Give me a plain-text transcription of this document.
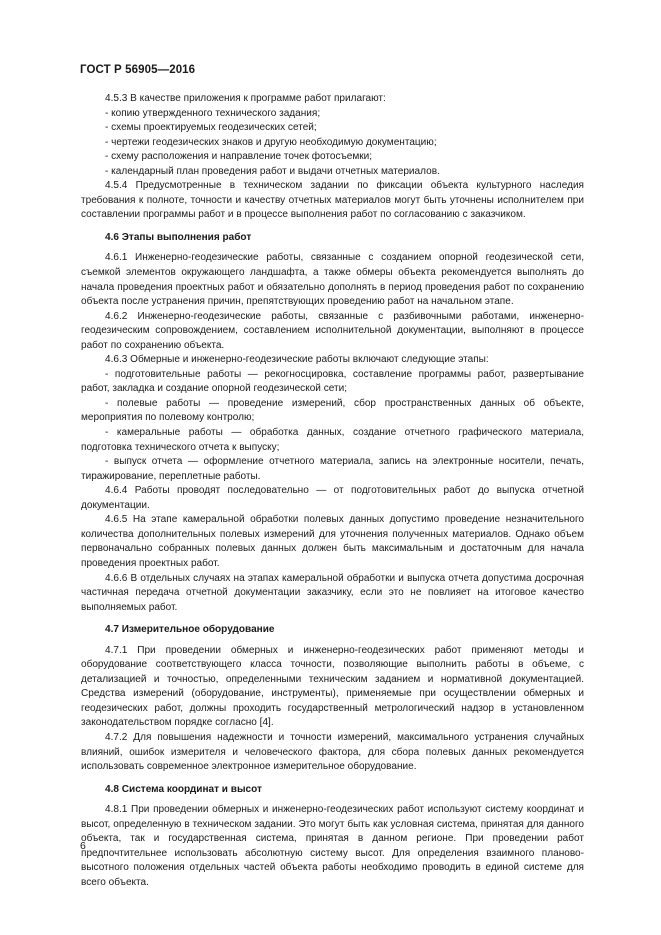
ГОСТ Р 56905—2016

4.5.3 В качестве приложения к программе работ прилагают:

- копию утвержденного технического задания;

- схемы проектируемых геодезических сетей;

- чертежи геодезических знаков и другую необходимую документацию;

- схему расположения и направление точек фотосъемки;

- календарный план проведения работ и выдачи отчетных материалов.

4.5.4 Предусмотренные в техническом задании по фиксации объекта культурного наследия требования к полноте, точности и качеству отчетных материалов могут быть уточнены исполнителем при составлении программы работ и в процессе выполнения работ по согласованию с заказчиком.

4.6 Этапы выполнения работ

4.6.1 Инженерно-геодезические работы, связанные с созданием опорной геодезической сети, съемкой элементов окружающего ландшафта, а также обмеры объекта рекомендуется выполнять до начала проведения проектных работ и обязательно дополнять в период проведения работ по сохранению объекта после устранения причин, препятствующих проведению работ на начальном этапе.

4.6.2 Инженерно-геодезические работы, связанные с разбивочными работами, инженерно-геодезическим сопровождением, составлением исполнительной документации, выполняют в процессе работ по сохранению объекта.

4.6.3 Обмерные и инженерно-геодезические работы включают следующие этапы:

- подготовительные работы — рекогносцировка, составление программы работ, развертывание работ, закладка и создание опорной геодезической сети;

- полевые работы — проведение измерений, сбор пространственных данных об объекте, мероприятия по полевому контролю;

- камеральные работы — обработка данных, создание отчетного графического материала, подготовка технического отчета к выпуску;

- выпуск отчета — оформление отчетного материала, запись на электронные носители, печать, тиражирование, переплетные работы.

4.6.4 Работы проводят последовательно — от подготовительных работ до выпуска отчетной документации.

4.6.5 На этапе камеральной обработки полевых данных допустимо проведение незначительного количества дополнительных полевых измерений для уточнения полученных материалов. Однако объем первоначально собранных полевых данных должен быть максимальным и достаточным для начала проведения проектных работ.

4.6.6 В отдельных случаях на этапах камеральной обработки и выпуска отчета допустима досрочная частичная передача отчетной документации заказчику, если это не повлияет на итоговое качество выполняемых работ.

4.7 Измерительное оборудование

4.7.1 При проведении обмерных и инженерно-геодезических работ применяют методы и оборудование соответствующего класса точности, позволяющие выполнить работы в объеме, с детализацией и точностью, определенными техническим заданием и нормативной документацией. Средства измерений (оборудование, инструменты), применяемые при осуществлении обмерных и геодезических работ, должны проходить государственный метрологический надзор в установленном законодательством порядке согласно [4].

4.7.2 Для повышения надежности и точности измерений, максимального устранения случайных влияний, ошибок измерителя и человеческого фактора, для сбора полевых данных рекомендуется использовать современное электронное измерительное оборудование.

4.8 Система координат и высот

4.8.1 При проведении обмерных и инженерно-геодезических работ используют систему координат и высот, определенную в техническом задании. Это могут быть как условная система, принятая для данного объекта, так и государственная система, принятая в данном регионе. При проведении работ предпочтительнее использовать абсолютную систему высот. Для определения взаимного планово-высотного положения отдельных частей объекта работы необходимо проводить в единой системе для всего объекта.

6
